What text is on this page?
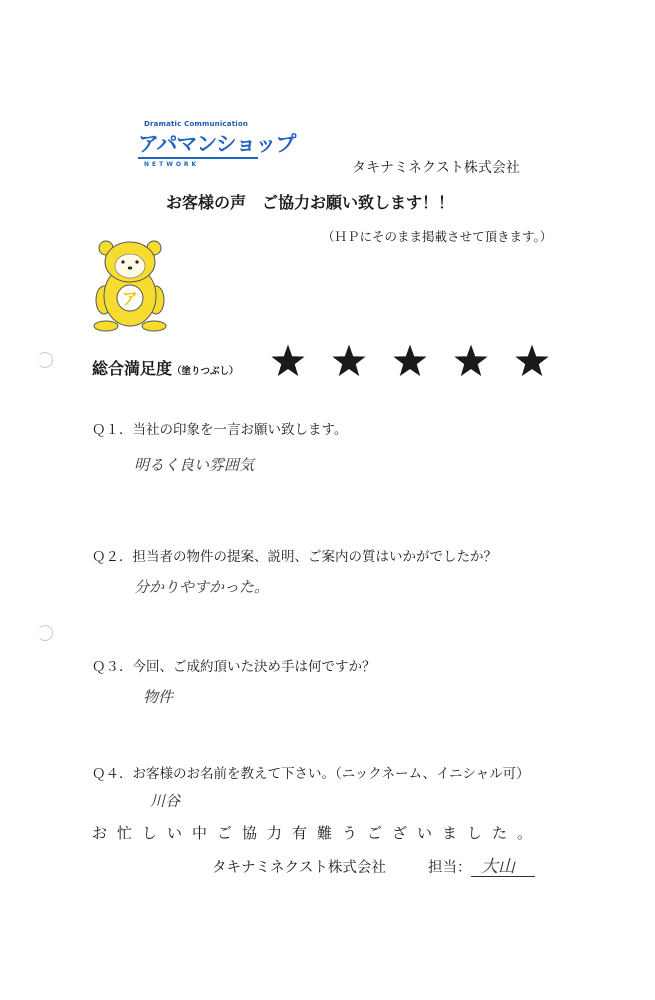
Dramatic Communication
アパマンショップ
NETWORK	タキナミネクスト株式会社
お客様の声　ご協力お願い致します！！
（ＨＰにそのまま掲載させて頂きます。）
ア
総合満足度（塗りつぶし）
Ｑ１．当社の印象を一言お願い致します。
明るく良い雰囲気
Ｑ２．担当者の物件の提案、説明、ご案内の質はいかがでしたか？
分かりやすかった。
Ｑ３．今回、ご成約頂いた決め手は何ですか？
物件
Ｑ４．お客様のお名前を教えて下さい。（ニックネーム、イニシャル可）
川谷
お忙しい中ご協力有難うございました。
タキナミネクスト株式会社	担当： 大山
